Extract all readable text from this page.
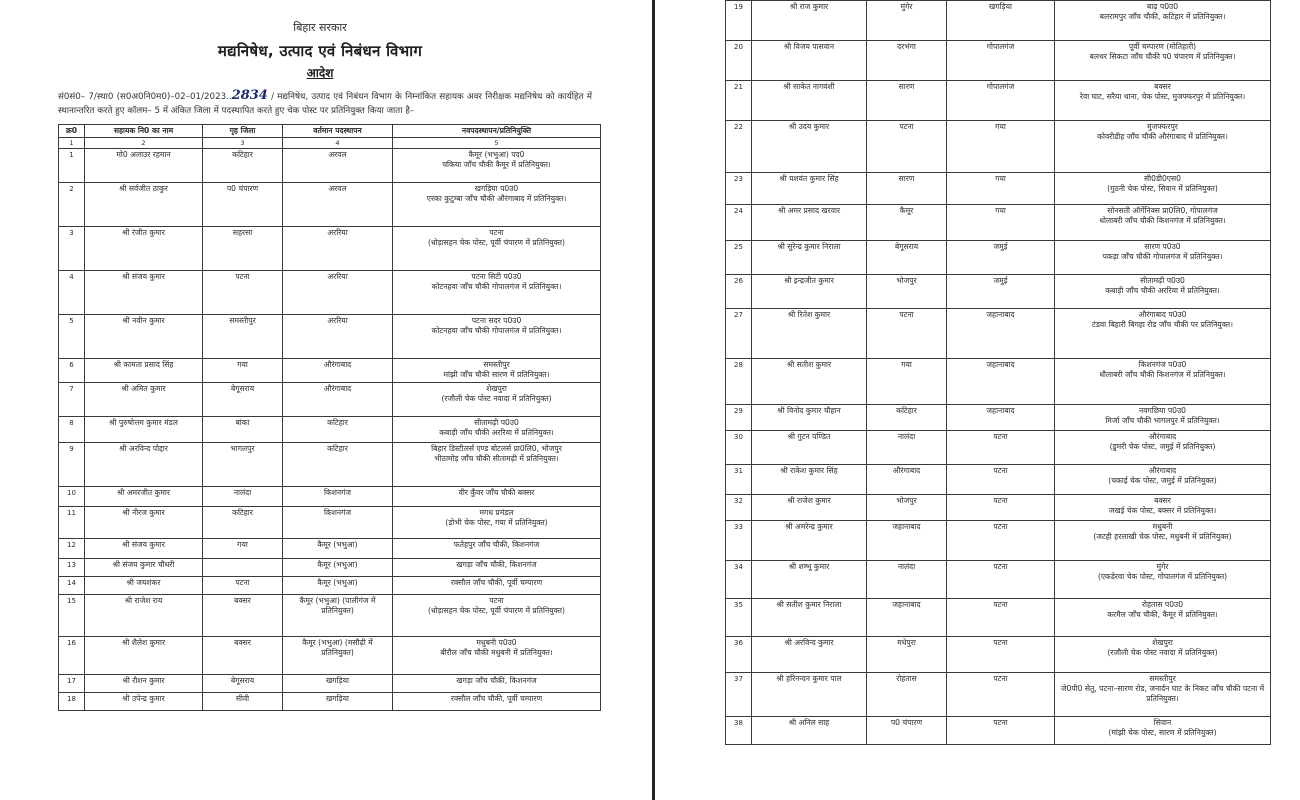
बिहार सरकार
मद्यनिषेध, उत्पाद एवं निबंधन विभाग
आदेश
सं0सं0– 7/स्था0 (स0अ0नि0म0)–02–01/2023..2834 / मद्यनिषेध, उत्पाद एवं निबंधन विभाग के निम्नांकित सहायक अवर निरीक्षक मद्यनिषेध को कार्यहित में स्थानान्तरित करते हुए कॉलम– 5 में अंकित जिला में पदस्थापित करते हुए चेक पोस्ट पर प्रतिनियुक्त किया जाता है–
क्र0	सहायक नि0 का नाम	गृह जिला	वर्तमान पदस्थापन	नवपदस्थापन/प्रतिनियुक्ति
1	2	3	4	5
1	मो0 अलाउर रहमान	कटिहार	अरवल	कैमूर (भभुआ) पद0
चकिया जाँच चौकी कैमूर में प्रतिनियुक्त।
2	श्री सर्वजीत ठाकुर	प0 चंपारण	अरवल	खगड़िया प0उ0
एरका कुटुम्बा जाँच चौकी औरंगाबाद में प्रतिनियुक्त।
3	श्री रंजीत कुमार	सहरसा	अररिया	पटना
(धोड़ासहन चेक पोस्ट, पूर्वी चंपारण में प्रतिनियुक्त)
4	श्री संजय कुमार	पटना	अररिया	पटना सिटी प0उ0
कोटनहवा जाँच चौकी गोपालगंज में प्रतिनियुक्त।
5	श्री नवीन कुमार	समस्तीपुर	अररिया	पटना सदर प0उ0
कोटनहवा जाँच चौकी गोपालगंज में प्रतिनियुक्त।
6	श्री कामता प्रसाद सिंह	गया	औरंगाबाद	समस्तीपुर
मांझी जाँच चौकी सारण में प्रतिनियुक्त।
7	श्री अमित कुमार	बेगूसराय	औरंगाबाद	शेखपुरा
(रजौली चेक पोस्ट नवादा में प्रतिनियुक्त)
8	श्री पुरुषोत्तम कुमार मंडल	बांका	कटिहार	सीतामढ़ी प0उ0
कबाड़ी जाँच चौकी अररिया में प्रतिनियुक्त।
9	श्री अरविन्द पोद्दार	भागलपुर	कटिहार	बिहार डिस्टीलर्स एण्ड बोटलर्स प्रा0लि0, भोजपुर
भीठामोड़ जाँच चौकी सीतामढ़ी में प्रतिनियुक्त।
10	श्री अमरजीत कुमार	नालंदा	किशनगंज	वीर कुँवर जाँच चौकी बक्सर
11	श्री नीरज कुमार	कटिहार	किशनगंज	मगध प्रमंडल
(डोभी चेक पोस्ट, गया में प्रतिनियुक्त)
12	श्री संजय कुमार	गया	कैमूर (भभुआ)	फतेहपुर जाँच चौकी, किशनगंज
13	श्री संजय कुमार चौधरी		कैमूर (भभुआ)	खगड़ा जाँच चौकी, किशनगंज
14	श्री जयशंकर	पटना	कैमूर (भभुआ)	रक्सौल जाँच चौकी, पूर्वी चम्पारण
15	श्री राजेश राय	बक्सर	कैमूर (भभुआ) (पालीगंज में प्रतिनियुक्त)	पटना
(धोड़ासहन चेक पोस्ट, पूर्वी चंपारण में प्रतिनियुक्त)
16	श्री शैलेश कुमार	बक्सर	कैमूर (भभुआ) (मसौढ़ी में प्रतिनियुक्त)	मधुबनी प0उ0
बीरौल जाँच चौकी मधुबनी में प्रतिनियुक्त।
17	श्री रौशन कुमार	बेगूसराय	खगड़िया	खगड़ा जाँच चौकी, किशनगंज
18	श्री उपेन्द्र कुमार	सीवी	खगड़िया	रक्सौल जाँच चौकी, पूर्वी चम्पारण
19	श्री राज कुमार	मुंगेर	खगड़िया	बाढ़ प0उ0
बलरामपुर जाँच चौकी, कटिहार में प्रतिनियुक्त।
20	श्री विजय पासवान	दरभंगा	गोपालगंज	पूर्वी चम्पारण (मोतिहारी)
बलथर सिकटा जाँच चौकी प0 चंपारण में प्रतिनियुक्त।
21	श्री साकेत नागवंशी	सारण	गोपालगंज	बक्सर
रेवा घाट, सरैया थाना, चेक पोस्ट, मुजफ्फरपुर में प्रतिनियुक्त।
22	श्री उदय कुमार	पटना	गया	मुजफ्फरपुर
कोवरीडीह जाँच चौकी औरंगाबाद में प्रतिनियुक्त।
23	श्री यशवंत कुमार सिंह	सारण	गया	सी0डी0एस0
(गुठनी चेक पोस्ट, सिवान में प्रतिनियुक्त)
24	श्री अमर प्रसाद खरवार	कैमूर	गया	सोनसती ऑर्गेनिक्स प्रा0लि0, गोपालगंज
धोलाबरी जाँच चौकी किशनगंज में प्रतिनियुक्त।
25	श्री सुरेन्द्र कुमार निराला	बेगूसराय	जमुई	सारण प0उ0
पकड़ा जाँच चौकी गोपालगंज में प्रतिनियुक्त।
26	श्री इन्द्रजीत कुमार	भोजपुर	जमुई	सीतामढ़ी प0उ0
कबाड़ी जाँच चौकी अररिया में प्रतिनियुक्त।
27	श्री रितेश कुमार	पटना	जहानाबाद	औरंगाबाद प0उ0
टंडवा बिहारी बिगहा रोड जाँच चौकी पर प्रतिनियुक्त।
28	श्री सतीश कुमार	गया	जहानाबाद	किशनगंज प0उ0
धौलाबरी जाँच चौकी किशनगंज में प्रतिनियुक्त।
29	श्री विनोद कुमार चौहान	कटिहार	जहानाबाद	नवगछिया प0उ0
मिर्जा जाँच चौकी भागलपुर में प्रतिनियुक्त।
30	श्री गुटन पण्डित	नालंदा	पटना	औरंगाबाद
(डुमरी चेक पोस्ट, जमुई में प्रतिनियुक्त)
31	श्री राकेश कुमार सिंह	औरंगाबाद	पटना	औरंगाबाद
(चकाई चेक पोस्ट, जमुई में प्रतिनियुक्त)
32	श्री राजेश कुमार	भोजपुर	पटना	बक्सर
जखई चेक पोस्ट, बक्सर में प्रतिनियुक्त।
33	श्री अमरेन्द्र कुमार	जहानाबाद	पटना	मधुबनी
(जटही हरलाखी चेक पोस्ट, मधुबनी में प्रतिनियुक्त)
34	श्री शम्भू कुमार	नालंदा	पटना	मुंगेर
(एकडेरवा चेक पोस्ट, गोपालगंज में प्रतिनियुक्त)
35	श्री सतीश कुमार निराला	जहानाबाद	पटना	रोहतास प0उ0
करमैल जाँच चौकी, कैमूर में प्रतिनियुक्त।
36	श्री अरविन्द कुमार	मधेपुरा	पटना	शेखपुरा
(रजौली चेक पोस्ट नवादा में प्रतिनियुक्त)
37	श्री हरिनन्दन कुमार पाल	रोहतास	पटना	समस्तीपुर
जे0पी0 सेतु, पटना–सारण रोड, जनार्दन घाट के निकट जाँच चौकी पटना में प्रतिनियुक्त।
38	श्री अनिल साह	प0 चंपारण	पटना	सिवान
(मांझी चेक पोस्ट, सारण में प्रतिनियुक्त)
